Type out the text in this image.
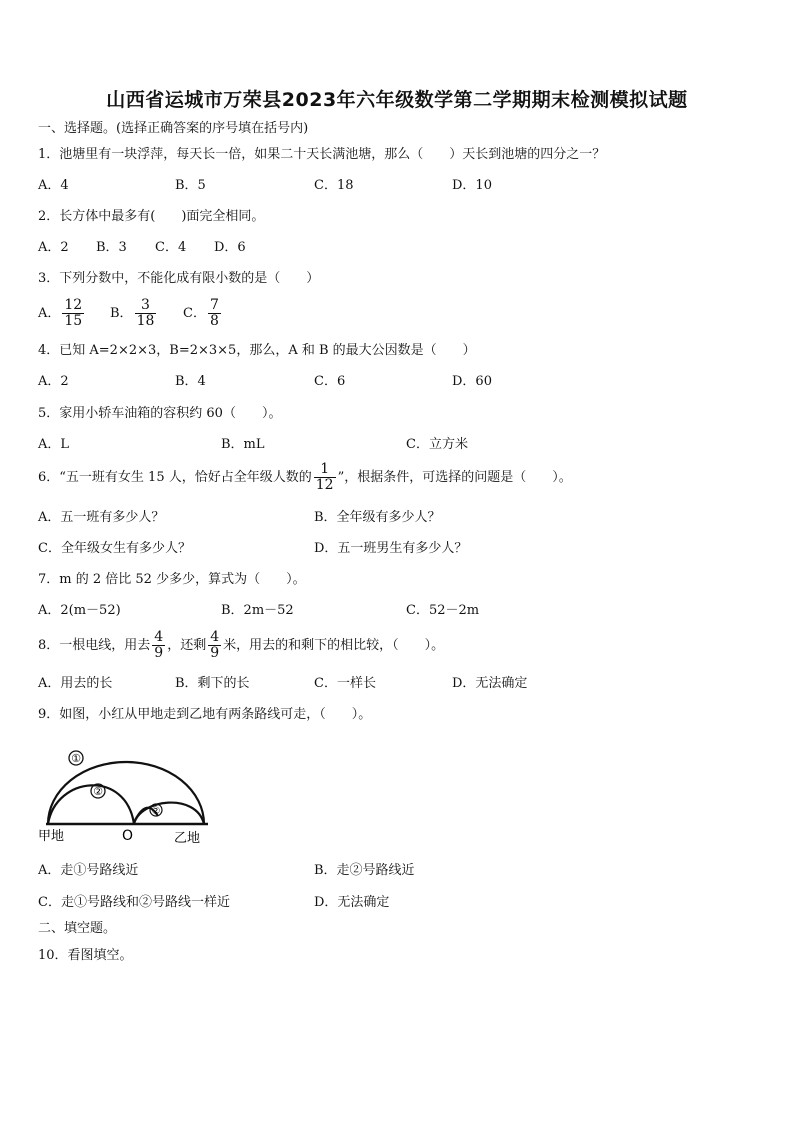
山西省运城市万荣县2023年六年级数学第二学期期末检测模拟试题
一、选择题。(选择正确答案的序号填在括号内)
1．池塘里有一块浮萍，每天长一倍，如果二十天长满池塘，那么（　　）天长到池塘的四分之一？
A．4	B．5	C．18	D．10
2．长方体中最多有(　　)面完全相同。
A．2 B．3 C．4 D．6
3．下列分数中，不能化成有限小数的是（　　）
A． $\frac{12}{15}$ B． $\frac{3}{18}$ C． $\frac{7}{8}$
4．已知 A=2×2×3，B=2×3×5，那么，A 和 B 的最大公因数是（　　）
A．2	B．4	C．6	D．60
5．家用小轿车油箱的容积约 60（　　）。
A．L	B．mL	C．立方米
6．“五一班有女生 15 人，恰好占全年级人数的 $\frac{1}{12}$ ”，根据条件，可选择的问题是（　　）。
A．五一班有多少人？	B．全年级有多少人？
C．全年级女生有多少人？	D．五一班男生有多少人？
7．m 的 2 倍比 52 少多少，算式为（　　）。
A．2(m－52)	B．2m－52	C．52－2m
8．一根电线，用去 $\frac{4}{9}$ ，还剩 $\frac{4}{9}$ 米，用去的和剩下的相比较，（　　）。
A．用去的长	B．剩下的长	C．一样长	D．无法确定
9．如图，小红从甲地走到乙地有两条路线可走，（　　）。
①
②
②
甲地	O	乙地
A．走①号路线近	B．走②号路线近
C．走①号路线和②号路线一样近	D．无法确定
二、填空题。
10．看图填空。
